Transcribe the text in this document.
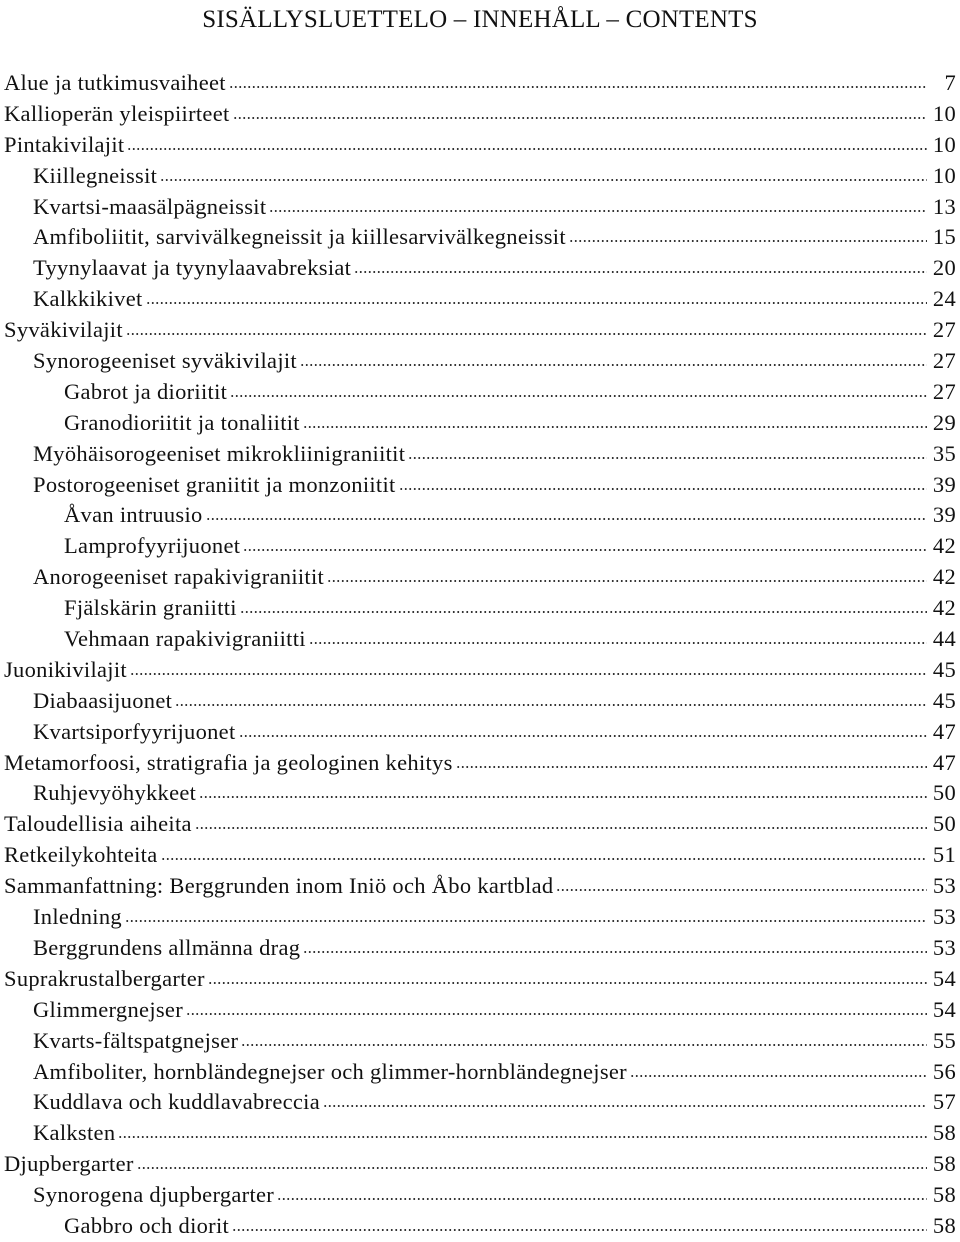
SISÄLLYSLUETTELO – INNEHÅLL – CONTENTS
Alue ja tutkimusvaiheet	7
Kallioperän yleispiirteet	10
Pintakivilajit	10
Kiillegneissit	10
Kvartsi-maasälpägneissit	13
Amfiboliitit, sarvivälkegneissit ja kiillesarvivälkegneissit	15
Tyynylaavat ja tyynylaavabreksiat	20
Kalkkikivet	24
Syväkivilajit	27
Synorogeeniset syväkivilajit	27
Gabrot ja dioriitit	27
Granodioriitit ja tonaliitit	29
Myöhäisorogeeniset mikrokliinigraniitit	35
Postorogeeniset graniitit ja monzoniitit	39
Åvan intruusio	39
Lamprofyyrijuonet	42
Anorogeeniset rapakivigraniitit	42
Fjälskärin graniitti	42
Vehmaan rapakivigraniitti	44
Juonikivilajit	45
Diabaasijuonet	45
Kvartsiporfyyrijuonet	47
Metamorfoosi, stratigrafia ja geologinen kehitys	47
Ruhjevyöhykkeet	50
Taloudellisia aiheita	50
Retkeilykohteita	51
Sammanfattning: Berggrunden inom Iniö och Åbo kartblad	53
Inledning	53
Berggrundens allmänna drag	53
Suprakrustalbergarter	54
Glimmergnejser	54
Kvarts-fältspatgnejser	55
Amfiboliter, hornbländegnejser och glimmer-hornbländegnejser	56
Kuddlava och kuddlavabreccia	57
Kalksten	58
Djupbergarter	58
Synorogena djupbergarter	58
Gabbro och diorit	58
